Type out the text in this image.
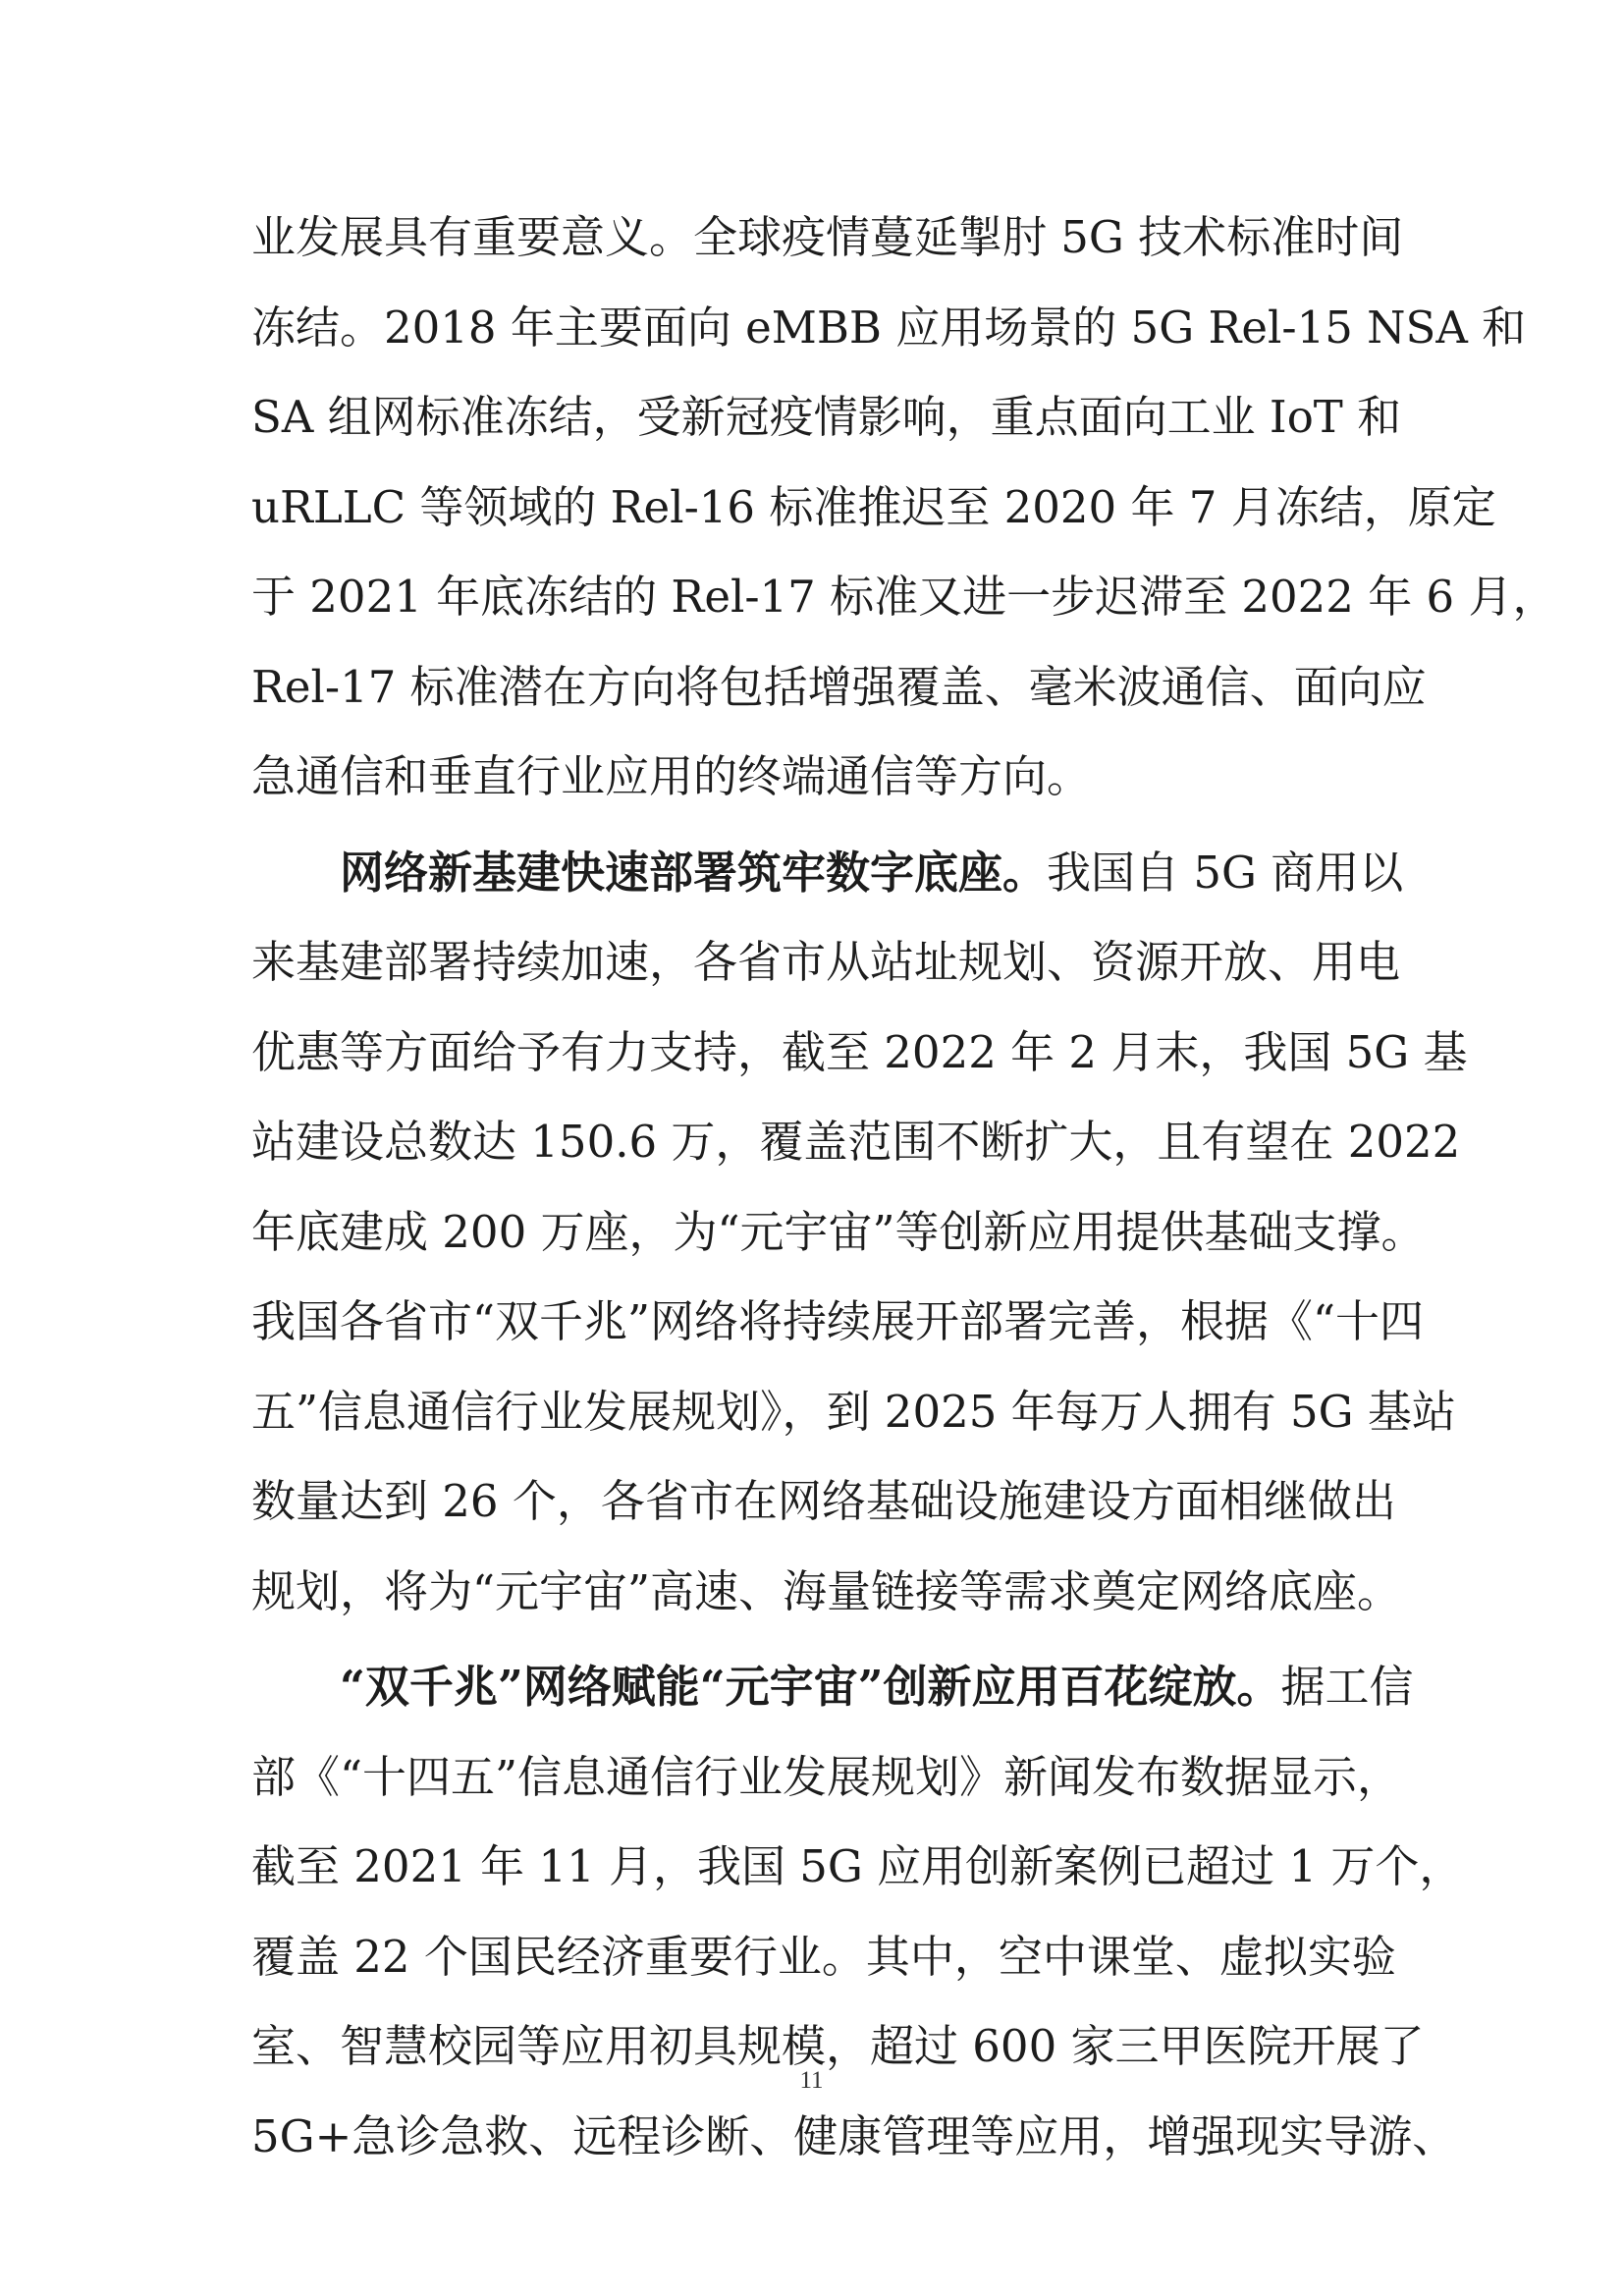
业发展具有重要意义。全球疫情蔓延掣肘 5G 技术标准时间
冻结。2018 年主要面向 eMBB 应用场景的 5G Rel-15 NSA 和
SA 组网标准冻结，受新冠疫情影响，重点面向工业 IoT 和
uRLLC 等领域的 Rel-16 标准推迟至 2020 年 7 月冻结，原定
于 2021 年底冻结的 Rel-17 标准又进一步迟滞至 2022 年 6 月，
Rel-17 标准潜在方向将包括增强覆盖、毫米波通信、面向应
急通信和垂直行业应用的终端通信等方向。
网络新基建快速部署筑牢数字底座。我国自 5G 商用以
来基建部署持续加速，各省市从站址规划、资源开放、用电
优惠等方面给予有力支持，截至 2022 年 2 月末，我国 5G 基
站建设总数达 150.6 万，覆盖范围不断扩大，且有望在 2022
年底建成 200 万座，为“元宇宙”等创新应用提供基础支撑。
我国各省市“双千兆”网络将持续展开部署完善，根据《“十四
五”信息通信行业发展规划》，到 2025 年每万人拥有 5G 基站
数量达到 26 个，各省市在网络基础设施建设方面相继做出
规划，将为“元宇宙”高速、海量链接等需求奠定网络底座。
“双千兆”网络赋能“元宇宙”创新应用百花绽放。据工信
部《“十四五”信息通信行业发展规划》新闻发布数据显示，
截至 2021 年 11 月，我国 5G 应用创新案例已超过 1 万个，
覆盖 22 个国民经济重要行业。其中，空中课堂、虚拟实验
室、智慧校园等应用初具规模，超过 600 家三甲医院开展了
5G+急诊急救、远程诊断、健康管理等应用，增强现实导游、
11
